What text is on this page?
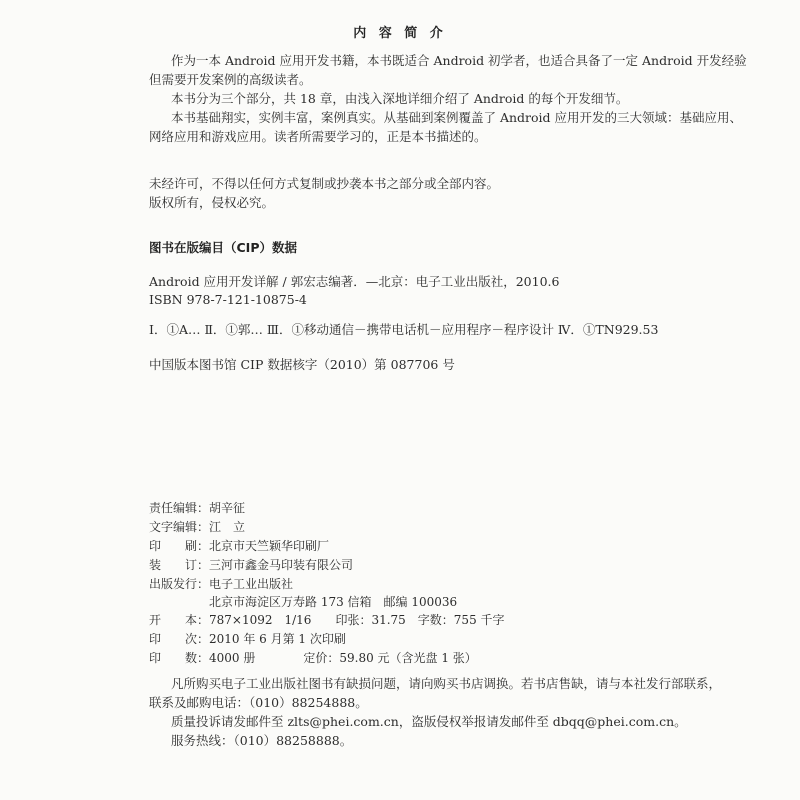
内 容 简 介
作为一本 Android 应用开发书籍，本书既适合 Android 初学者，也适合具备了一定 Android 开发经验
但需要开发案例的高级读者。
本书分为三个部分，共 18 章，由浅入深地详细介绍了 Android 的每个开发细节。
本书基础翔实，实例丰富，案例真实。从基础到案例覆盖了 Android 应用开发的三大领域：基础应用、
网络应用和游戏应用。读者所需要学习的，正是本书描述的。
未经许可，不得以任何方式复制或抄袭本书之部分或全部内容。
版权所有，侵权必究。
图书在版编目（CIP）数据
Android 应用开发详解 / 郭宏志编著．—北京：电子工业出版社，2010.6
ISBN 978-7-121-10875-4
Ⅰ．①A… Ⅱ．①郭… Ⅲ．①移动通信－携带电话机－应用程序－程序设计 Ⅳ．①TN929.53
中国版本图书馆 CIP 数据核字（2010）第 087706 号
责任编辑：胡辛征
文字编辑：江　立
印　　刷：北京市天竺颖华印刷厂
装　　订：三河市鑫金马印装有限公司
出版发行：电子工业出版社
北京市海淀区万寿路 173 信箱　邮编 100036
开　　本：787×1092　1/16　　印张：31.75　字数：755 千字
印　　次：2010 年 6 月第 1 次印刷
印　　数：4000 册　　　　定价：59.80 元（含光盘 1 张）
凡所购买电子工业出版社图书有缺损问题，请向购买书店调换。若书店售缺，请与本社发行部联系，
联系及邮购电话：（010）88254888。
质量投诉请发邮件至 zlts@phei.com.cn，盗版侵权举报请发邮件至 dbqq@phei.com.cn。
服务热线：（010）88258888。
